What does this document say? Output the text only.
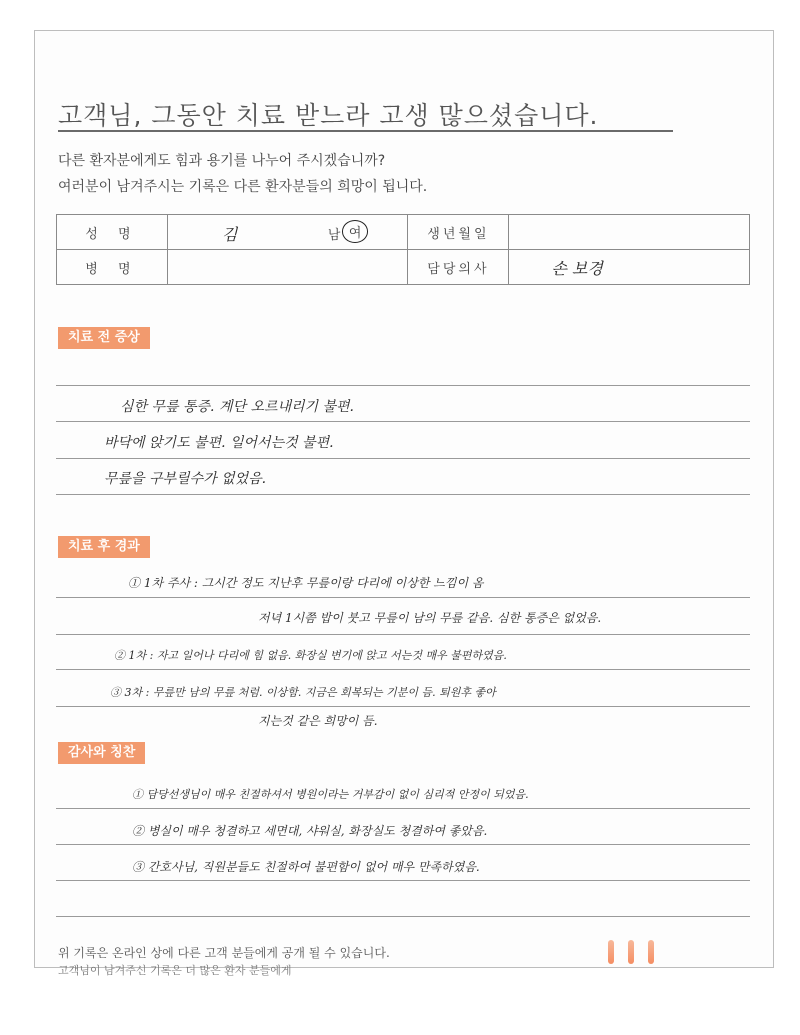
고객님, 그동안 치료 받느라 고생 많으셨습니다.
다른 환자분에게도 힘과 용기를 나누어 주시겠습니까?
여러분이 남겨주시는 기록은 다른 환자분들의 희망이 됩니다.
성 명	김 남 여	생년월일	
병 명		담당의사	손 보경
치료 전 증상
심한 무릎 통증. 계단 오르내리기 불편.
바닥에 앉기도 불편. 일어서는것 불편.
무릎을 구부릴수가 없었음.
치료 후 경과
① 1차 주사 : 그시간 정도 지난후 무릎이랑 다리에 이상한 느낌이 옴
저녁 1시쯤 밥이 붓고 무릎이 남의 무릎 같음. 심한 통증은 없었음.
② 1차 : 자고 일어나 다리에 힘 없음. 화장실 변기에 앉고 서는것 매우 불편하였음.
③ 3차 : 무릎만 남의 무릎 처럼. 이상함. 지금은 회복되는 기분이 듬. 퇴원후 좋아
지는것 같은 희망이 듬.
감사와 칭찬
① 담당선생님이 매우 친절하셔서 병원이라는 거부감이 없이 심리적 안정이 되었음.
② 병실이 매우 청결하고 세면대, 샤워실, 화장실도 청결하여 좋았음.
③ 간호사님, 직원분들도 친절하여 불편함이 없어 매우 만족하였음.
위 기록은 온라인 상에 다른 고객 분들에게 공개 될 수 있습니다.
고객님이 남겨주신 기록은 더 많은 환자 분들에게
